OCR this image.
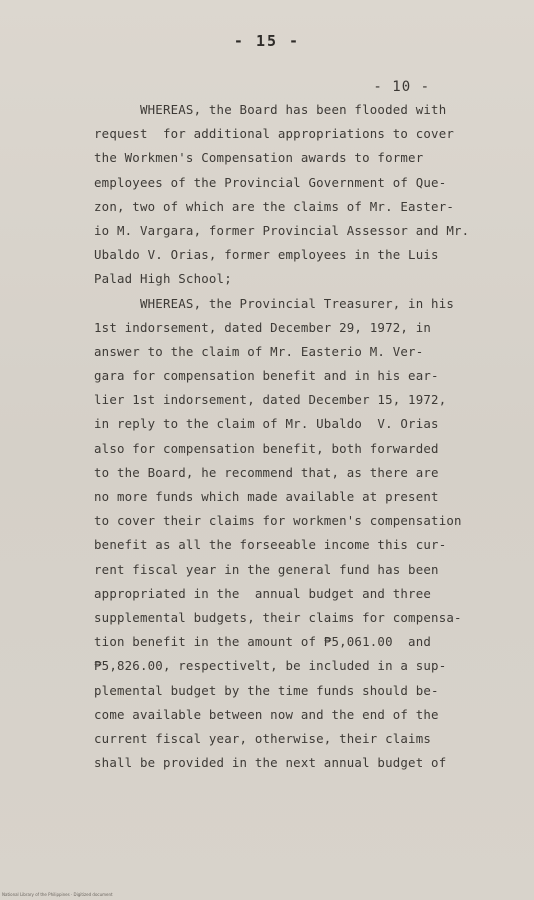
- 15 -
- 10 -
WHEREAS, the Board has been flooded with
request  for additional appropriations to cover
the Workmen's Compensation awards to former
employees of the Provincial Government of Que-
zon, two of which are the claims of Mr. Easter-
io M. Vargara, former Provincial Assessor and Mr.
Ubaldo V. Orias, former employees in the Luis
Palad High School;
WHEREAS, the Provincial Treasurer, in his
1st indorsement, dated December 29, 1972, in
answer to the claim of Mr. Easterio M. Ver-
gara for compensation benefit and in his ear-
lier 1st indorsement, dated December 15, 1972,
in reply to the claim of Mr. Ubaldo  V. Orias
also for compensation benefit, both forwarded
to the Board, he recommend that, as there are
no more funds which made available at present
to cover their claims for workmen's compensation
benefit as all the forseeable income this cur-
rent fiscal year in the general fund has been
appropriated in the  annual budget and three
supplemental budgets, their claims for compensa-
tion benefit in the amount of ₱5,061.00  and
₱5,826.00, respectivelt, be included in a sup-
plemental budget by the time funds should be-
come available between now and the end of the
current fiscal year, otherwise, their claims
shall be provided in the next annual budget of
National Library of the Philippines · Digitized document
